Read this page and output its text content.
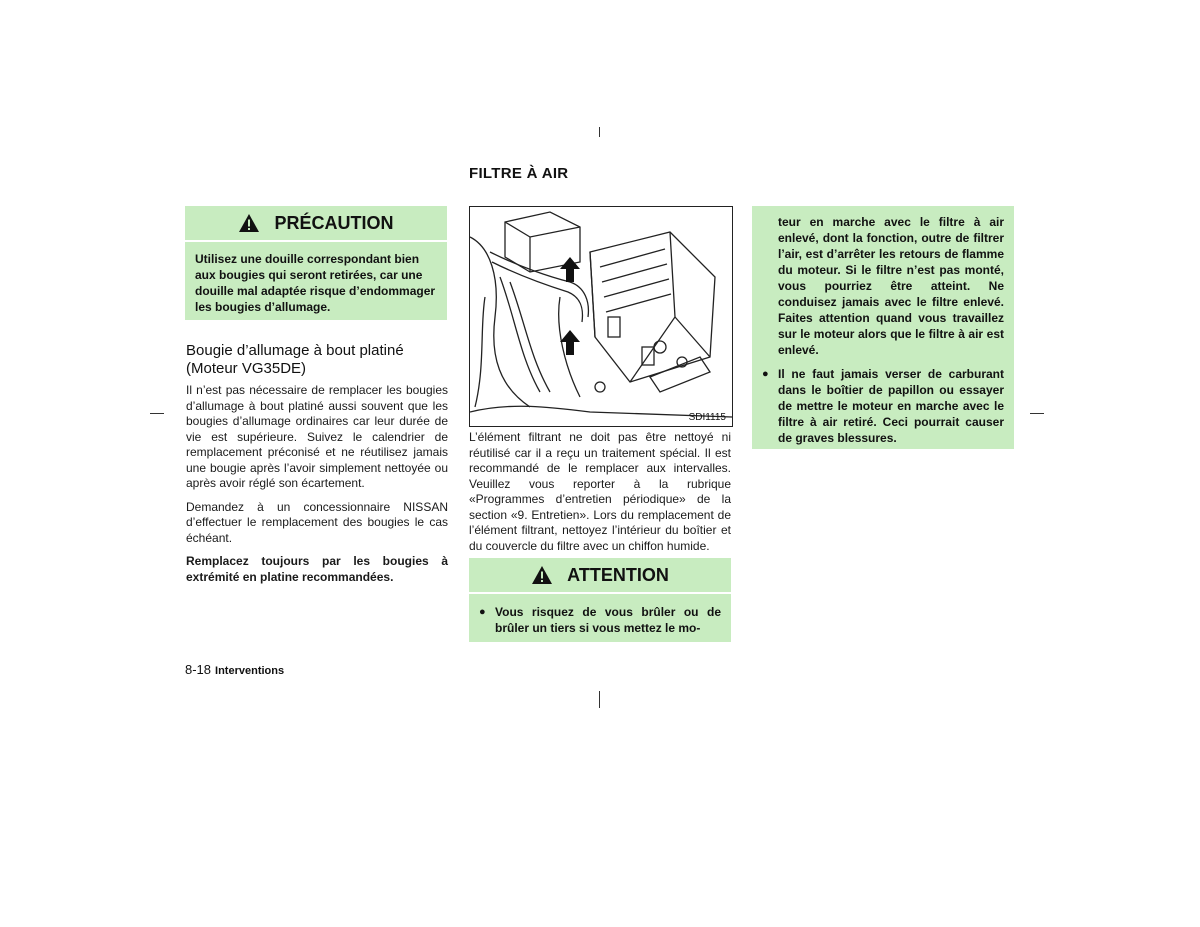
FILTRE À AIR
PRÉCAUTION
Utilisez une douille correspondant bien aux bougies qui seront retirées, car une douille mal adaptée risque d’endommager les bougies d’allumage.
Bougie d’allumage à bout platiné
(Moteur VG35DE)

Il n’est pas nécessaire de remplacer les bougies d’allumage à bout platiné aussi souvent que les bougies d’allumage ordinaires car leur durée de vie est supérieure. Suivez le calendrier de remplacement préconisé et ne réutilisez jamais une bougie après l’avoir simplement nettoyée ou après avoir réglé son écartement.

Demandez à un concessionnaire NISSAN d’effectuer le remplacement des bougies le cas échéant.

Remplacez toujours par les bougies à extrémité en platine recommandées.

8-18 Interventions
SDI1115
L’élément filtrant ne doit pas être nettoyé ni réutilisé car il a reçu un traitement spécial. Il est recommandé de le remplacer aux intervalles. Veuillez vous reporter à la rubrique «Programmes d’entretien périodique» de la section «9. Entretien». Lors du remplacement de l’élément filtrant, nettoyez l’intérieur du boîtier et du couvercle du filtre avec un chiffon humide.
ATTENTION
● Vous risquez de vous brûler ou de brûler un tiers si vous mettez le mo-
teur en marche avec le filtre à air enlevé, dont la fonction, outre de filtrer l’air, est d’arrêter les retours de flamme du moteur. Si le filtre n’est pas monté, vous pourriez être atteint. Ne conduisez jamais avec le filtre enlevé. Faites attention quand vous travaillez sur le moteur alors que le filtre à air est enlevé.
● Il ne faut jamais verser de carburant dans le boîtier de papillon ou essayer de mettre le moteur en marche avec le filtre à air retiré. Ceci pourrait causer de graves blessures.
